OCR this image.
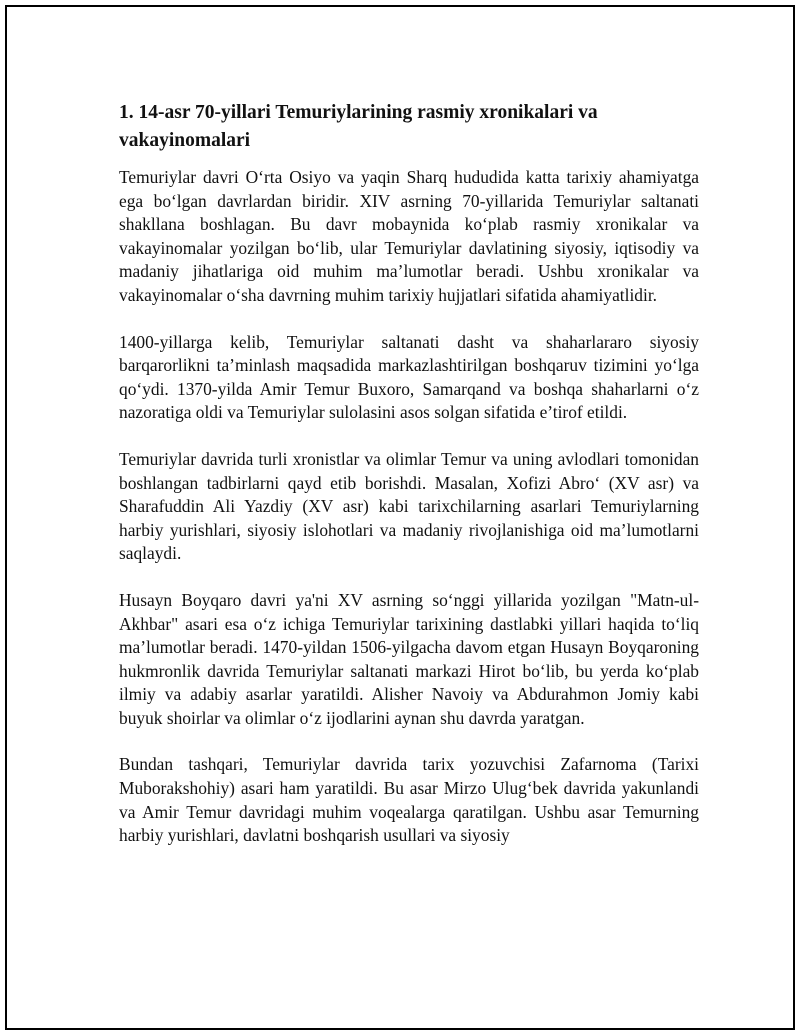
1. 14-asr 70-yillari Temuriylarining rasmiy xronikalari va vakayinomalari

Temuriylar davri O‘rta Osiyo va yaqin Sharq hududida katta tarixiy ahamiyatga ega bo‘lgan davrlardan biridir. XIV asrning 70-yillarida Temuriylar saltanati shakllana boshlagan. Bu davr mobaynida ko‘plab rasmiy xronikalar va vakayinomalar yozilgan bo‘lib, ular Temuriylar davlatining siyosiy, iqtisodiy va madaniy jihatlariga oid muhim ma’lumotlar beradi. Ushbu xronikalar va vakayinomalar o‘sha davrning muhim tarixiy hujjatlari sifatida ahamiyatlidir.

1400-yillarga kelib, Temuriylar saltanati dasht va shaharlararo siyosiy barqarorlikni ta’minlash maqsadida markazlashtirilgan boshqaruv tizimini yo‘lga qo‘ydi. 1370-yilda Amir Temur Buxoro, Samarqand va boshqa shaharlarni o‘z nazoratiga oldi va Temuriylar sulolasini asos solgan sifatida e’tirof etildi.

Temuriylar davrida turli xronistlar va olimlar Temur va uning avlodlari tomonidan boshlangan tadbirlarni qayd etib borishdi. Masalan, Xofizi Abro‘ (XV asr) va Sharafuddin Ali Yazdiy (XV asr) kabi tarixchilarning asarlari Temuriylarning harbiy yurishlari, siyosiy islohotlari va madaniy rivojlanishiga oid ma’lumotlarni saqlaydi.

Husayn Boyqaro davri ya'ni XV asrning so‘nggi yillarida yozilgan "Matn-ul-Akhbar" asari esa o‘z ichiga Temuriylar tarixining dastlabki yillari haqida to‘liq ma’lumotlar beradi. 1470-yildan 1506-yilgacha davom etgan Husayn Boyqaroning hukmronlik davrida Temuriylar saltanati markazi Hirot bo‘lib, bu yerda ko‘plab ilmiy va adabiy asarlar yaratildi. Alisher Navoiy va Abdurahmon Jomiy kabi buyuk shoirlar va olimlar o‘z ijodlarini aynan shu davrda yaratgan.

Bundan tashqari, Temuriylar davrida tarix yozuvchisi Zafarnoma (Tarixi Muborakshohiy) asari ham yaratildi. Bu asar Mirzo Ulug‘bek davrida yakunlandi va Amir Temur davridagi muhim voqealarga qaratilgan. Ushbu asar Temurning harbiy yurishlari, davlatni boshqarish usullari va siyosiy
